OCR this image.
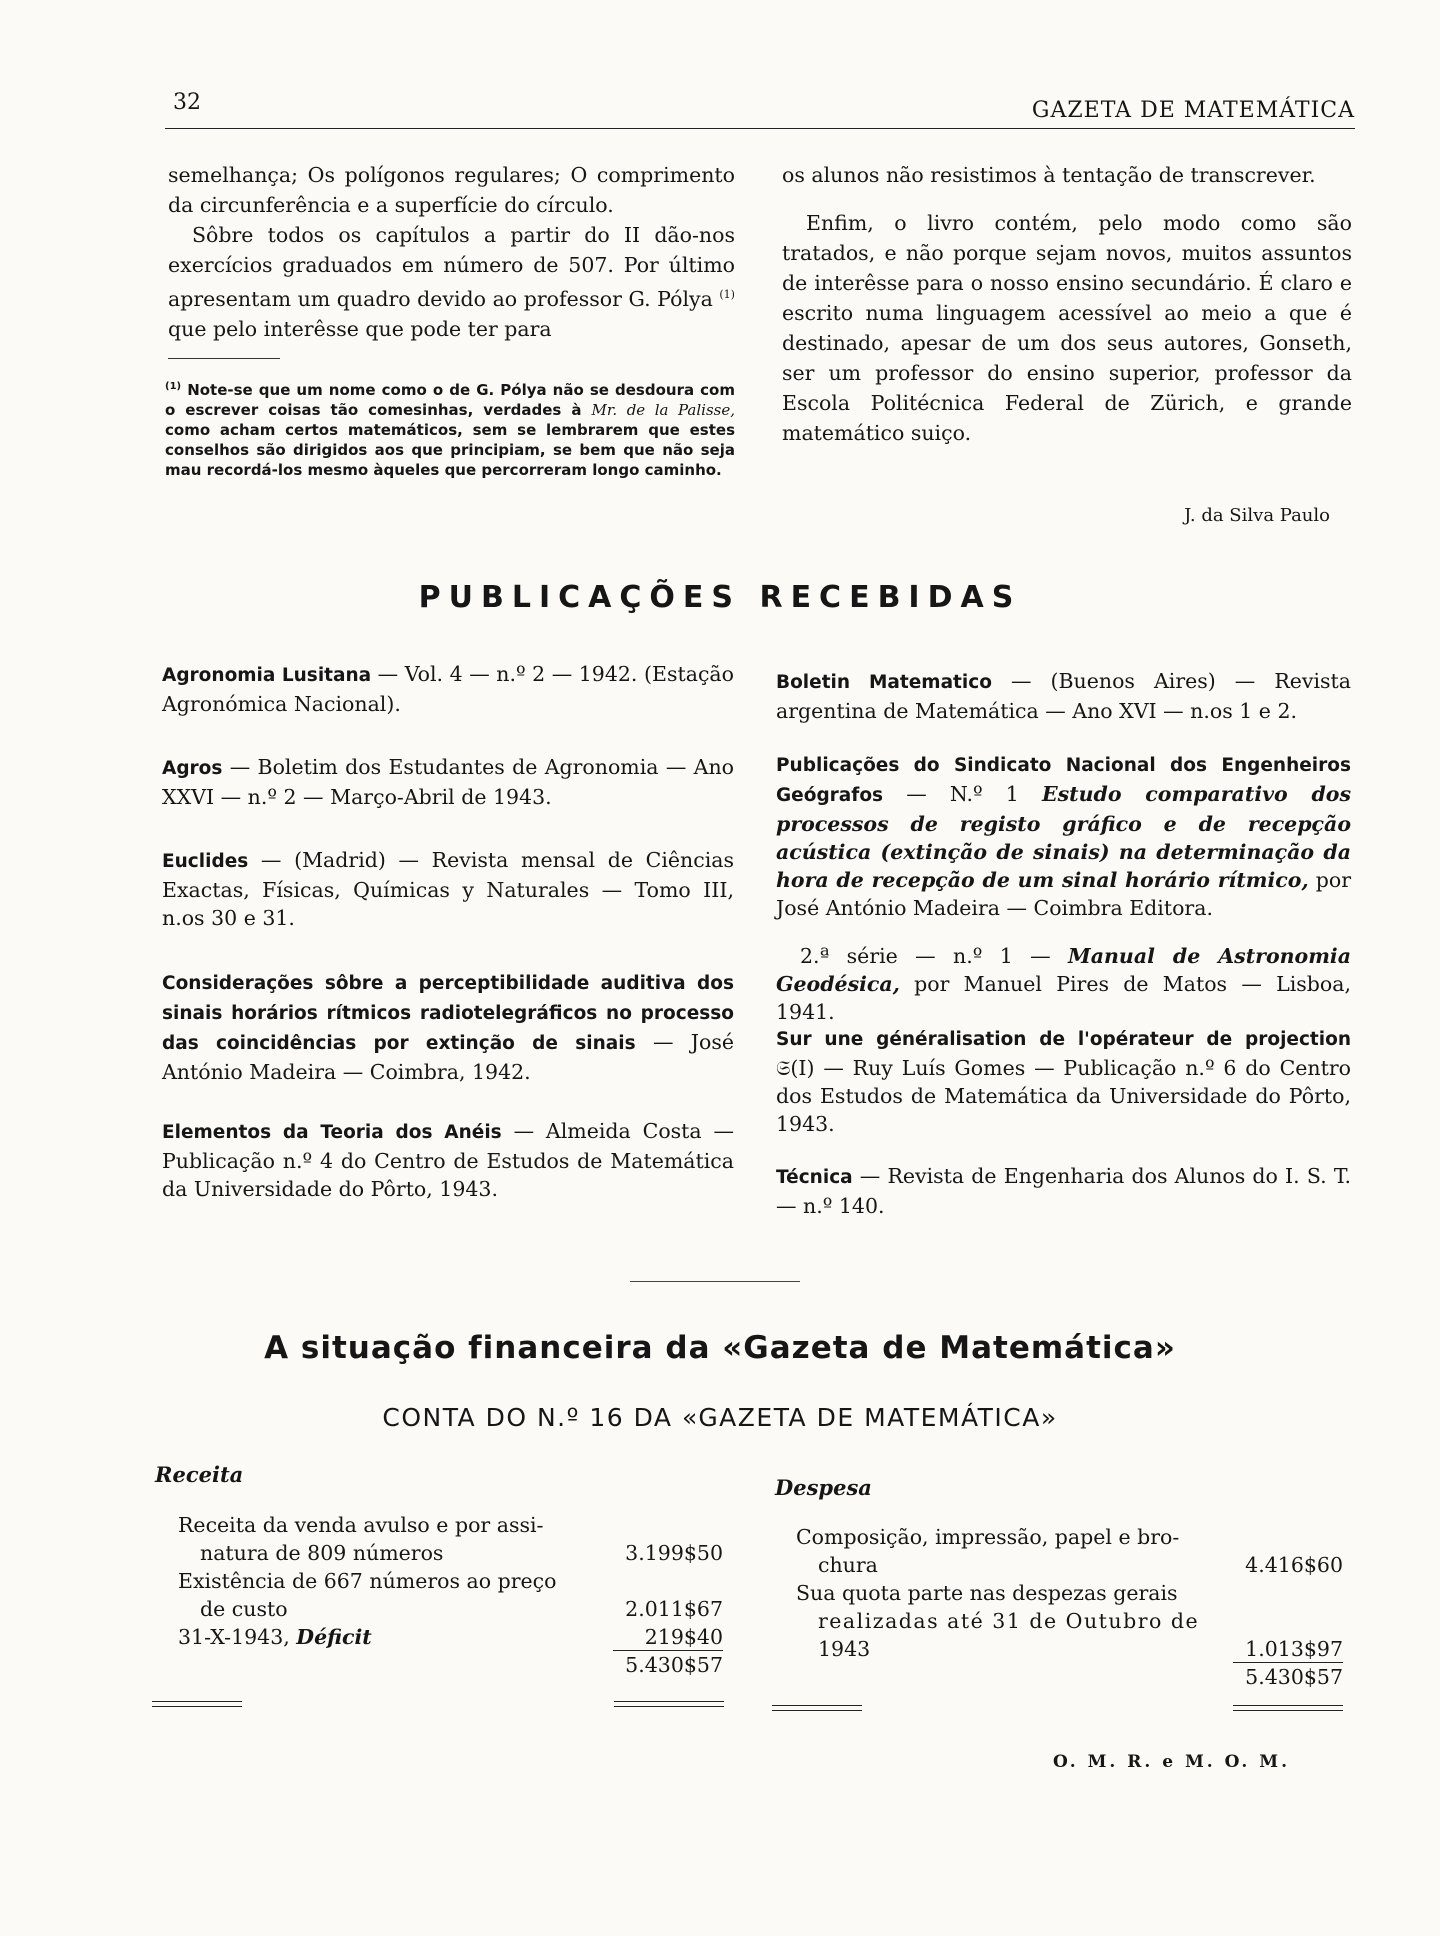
32	GAZETA DE MATEMÁTICA

semelhança; Os polígonos regulares; O comprimento da circunferência e a superfície do círculo.

Sôbre todos os capítulos a partir do II dão-nos exercícios graduados em número de 507. Por último apresentam um quadro devido ao professor G. Pólya $^{(1)}$ que pelo interêsse que pode ter para

$^{(1)}$ Note-se que um nome como o de G. Pólya não se desdoura com o escrever coisas tão comesinhas, verdades à Mr. de la Palisse, como acham certos matemáticos, sem se lembrarem que estes conselhos são dirigidos aos que principiam, se bem que não seja mau recordá-los mesmo àqueles que percorreram longo caminho.

os alunos não resistimos à tentação de transcrever.

Enfim, o livro contém, pelo modo como são tratados, e não porque sejam novos, muitos assuntos de interêsse para o nosso ensino secundário. É claro e escrito numa linguagem acessível ao meio a que é destinado, apesar de um dos seus autores, Gonseth, ser um professor do ensino superior, professor da Escola Politécnica Federal de Zürich, e grande matemático suiço.

J. da Silva Paulo
PUBLICAÇÕES RECEBIDAS
Agronomia Lusitana — Vol. 4 — n.º 2 — 1942. (Estação Agronómica Nacional).
Agros — Boletim dos Estudantes de Agronomia — Ano XXVI — n.º 2 — Março-Abril de 1943.
Euclides — (Madrid) — Revista mensal de Ciências Exactas, Físicas, Químicas y Naturales — Tomo III, n.os 30 e 31.
Considerações sôbre a perceptibilidade auditiva dos sinais horários rítmicos radiotelegráficos no processo das coincidências por extinção de sinais — José António Madeira — Coimbra, 1942.
Elementos da Teoria dos Anéis — Almeida Costa — Publicação n.º 4 do Centro de Estudos de Matemática da Universidade do Pôrto, 1943.
Boletin Matematico — (Buenos Aires) — Revista argentina de Matemática — Ano XVI — n.os 1 e 2.
Publicações do Sindicato Nacional dos Engenheiros Geógrafos — N.º 1 Estudo comparativo dos processos de registo gráfico e de recepção acústica (extinção de sinais) na determinação da hora de recepção de um sinal horário rítmico, por José António Madeira — Coimbra Editora.
2.ª série — n.º 1 — Manual de Astronomia Geodésica, por Manuel Pires de Matos — Lisboa, 1941.
Sur une généralisation de l'opérateur de projection 𝔖(I) — Ruy Luís Gomes — Publicação n.º 6 do Centro dos Estudos de Matemática da Universidade do Pôrto, 1943.
Técnica — Revista de Engenharia dos Alunos do I. S. T. — n.º 140.
A situação financeira da «Gazeta de Matemática»
CONTA DO N.º 16 DA «GAZETA DE MATEMÁTICA»
Receita
Receita da venda avulso e por assi-
natura de 809 números	3.199$50
Existência de 667 números ao preço
de custo	2.011$67
31-X-1943, Déficit	219$40
5.430$57
Despesa
Composição, impressão, papel e bro-
chura	4.416$60
Sua quota parte nas despezas gerais
realizadas até 31 de Outubro de
1943	1.013$97
5.430$57
O. M. R. e M. O. M.
